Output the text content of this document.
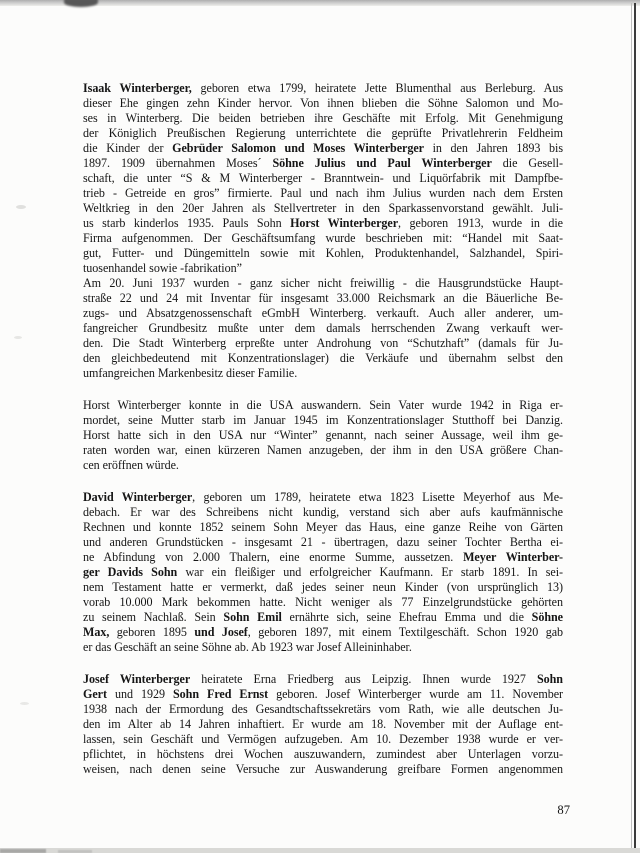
Isaak Winterberger, geboren etwa 1799, heiratete Jette Blumenthal aus Berleburg. Aus
dieser Ehe gingen zehn Kinder hervor. Von ihnen blieben die Söhne Salomon und Mo-
ses in Winterberg. Die beiden betrieben ihre Geschäfte mit Erfolg. Mit Genehmigung
der Königlich Preußischen Regierung unterrichtete die geprüfte Privatlehrerin Feldheim
die Kinder der Gebrüder Salomon und Moses Winterberger in den Jahren 1893 bis
1897. 1909 übernahmen Moses´ Söhne Julius und Paul Winterberger die Gesell-
schaft, die unter “S & M Winterberger - Branntwein- und Liquörfabrik mit Dampfbe-
trieb - Getreide en gros” firmierte. Paul und nach ihm Julius wurden nach dem Ersten
Weltkrieg in den 20er Jahren als Stellvertreter in den Sparkassenvorstand gewählt. Juli-
us starb kinderlos 1935. Pauls Sohn Horst Winterberger, geboren 1913, wurde in die
Firma aufgenommen. Der Geschäftsumfang wurde beschrieben mit: “Handel mit Saat-
gut, Futter- und Düngemitteln sowie mit Kohlen, Produktenhandel, Salzhandel, Spiri-
tuosenhandel sowie -fabrikation”
Am 20. Juni 1937 wurden - ganz sicher nicht freiwillig - die Hausgrundstücke Haupt-
straße 22 und 24 mit Inventar für insgesamt 33.000 Reichsmark an die Bäuerliche Be-
zugs- und Absatzgenossenschaft eGmbH Winterberg. verkauft. Auch aller anderer, um-
fangreicher Grundbesitz mußte unter dem damals herrschenden Zwang verkauft wer-
den. Die Stadt Winterberg erpreßte unter Androhung von “Schutzhaft” (damals für Ju-
den gleichbedeutend mit Konzentrationslager) die Verkäufe und übernahm selbst den
umfangreichen Markenbesitz dieser Familie.
Horst Winterberger konnte in die USA auswandern. Sein Vater wurde 1942 in Riga er-
mordet, seine Mutter starb im Januar 1945 im Konzentrationslager Stutthoff bei Danzig.
Horst hatte sich in den USA nur “Winter” genannt, nach seiner Aussage, weil ihm ge-
raten worden war, einen kürzeren Namen anzugeben, der ihm in den USA größere Chan-
cen eröffnen würde.
David Winterberger, geboren um 1789, heiratete etwa 1823 Lisette Meyerhof aus Me-
debach. Er war des Schreibens nicht kundig, verstand sich aber aufs kaufmännische
Rechnen und konnte 1852 seinem Sohn Meyer das Haus, eine ganze Reihe von Gärten
und anderen Grundstücken - insgesamt 21 - übertragen, dazu seiner Tochter Bertha ei-
ne Abfindung von 2.000 Thalern, eine enorme Summe, aussetzen. Meyer Winterber-
ger Davids Sohn war ein fleißiger und erfolgreicher Kaufmann. Er starb 1891. In sei-
nem Testament hatte er vermerkt, daß jedes seiner neun Kinder (von ursprünglich 13)
vorab 10.000 Mark bekommen hatte. Nicht weniger als 77 Einzelgrundstücke gehörten
zu seinem Nachlaß. Sein Sohn Emil ernährte sich, seine Ehefrau Emma und die Söhne
Max, geboren 1895 und Josef, geboren 1897, mit einem Textilgeschäft. Schon 1920 gab
er das Geschäft an seine Söhne ab. Ab 1923 war Josef Alleininhaber.
Josef Winterberger heiratete Erna Friedberg aus Leipzig. Ihnen wurde 1927 Sohn
Gert und 1929 Sohn Fred Ernst geboren. Josef Winterberger wurde am 11. November
1938 nach der Ermordung des Gesandtschaftssekretärs vom Rath, wie alle deutschen Ju-
den im Alter ab 14 Jahren inhaftiert. Er wurde am 18. November mit der Auflage ent-
lassen, sein Geschäft und Vermögen aufzugeben. Am 10. Dezember 1938 wurde er ver-
pflichtet, in höchstens drei Wochen auszuwandern, zumindest aber Unterlagen vorzu-
weisen, nach denen seine Versuche zur Auswanderung greifbare Formen angenommen
87
